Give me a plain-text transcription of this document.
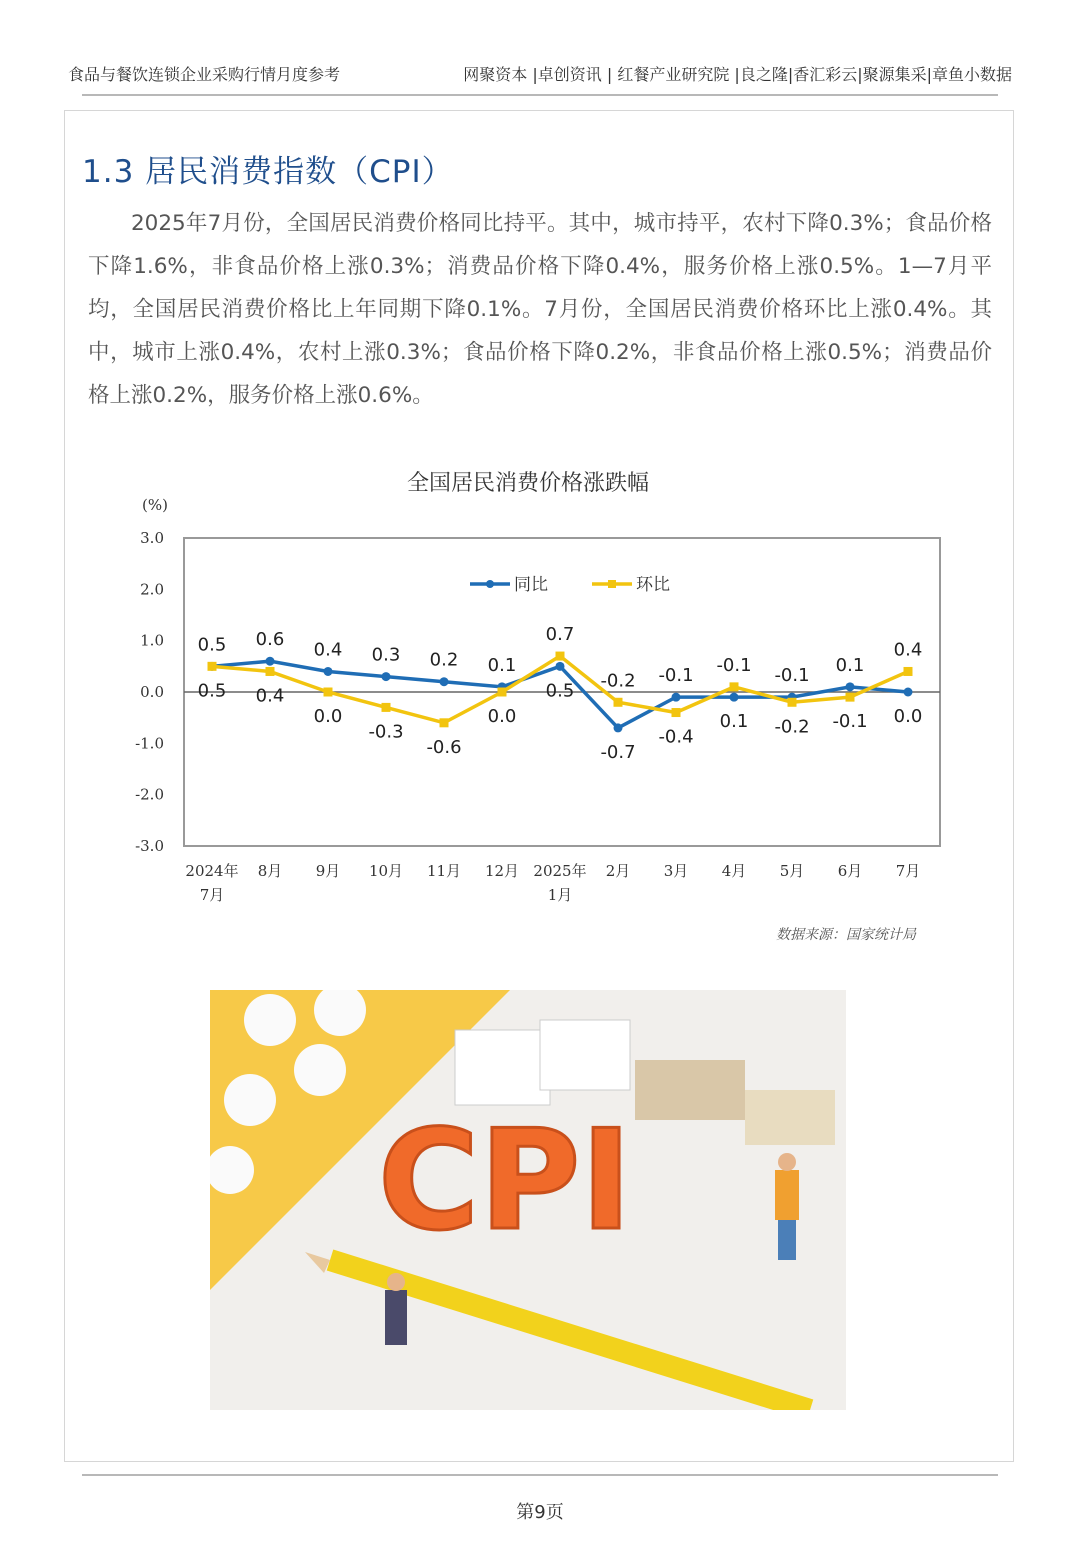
食品与餐饮连锁企业采购行情月度参考	网聚资本 |卓创资讯 | 红餐产业研究院 |良之隆|香汇彩云|聚源集采|章鱼小数据
1.3 居民消费指数（CPI）

2025年7月份，全国居民消费价格同比持平。其中，城市持平，农村下降0.3%；食品价格下降1.6%，非食品价格上涨0.3%；消费品价格下降0.4%，服务价格上涨0.5%。1—7月平均，全国居民消费价格比上年同期下降0.1%。7月份，全国居民消费价格环比上涨0.4%。其中，城市上涨0.4%，农村上涨0.3%；食品价格下降0.2%，非食品价格上涨0.5%；消费品价格上涨0.2%，服务价格上涨0.6%。

全国居民消费价格涨跌幅
(%)
3.0
2.0
1.0
0.0
-1.0
-2.0
-3.0
2024年
7月
8月 9月 10月 11月 12月 2025年
1月
2月 3月 4月 5月 6月 7月
同比	环比
0.5
0.5
0.6
0.4
0.4
0.0
0.3
-0.3
0.2
-0.6
0.1
0.0
0.5
0.7
-0.7
-0.2 -0.1
-0.4
0.1
-0.1 -0.1
-0.2
0.1
-0.1 0.0
0.4
数据来源：国家统计局
CPI
第9页
